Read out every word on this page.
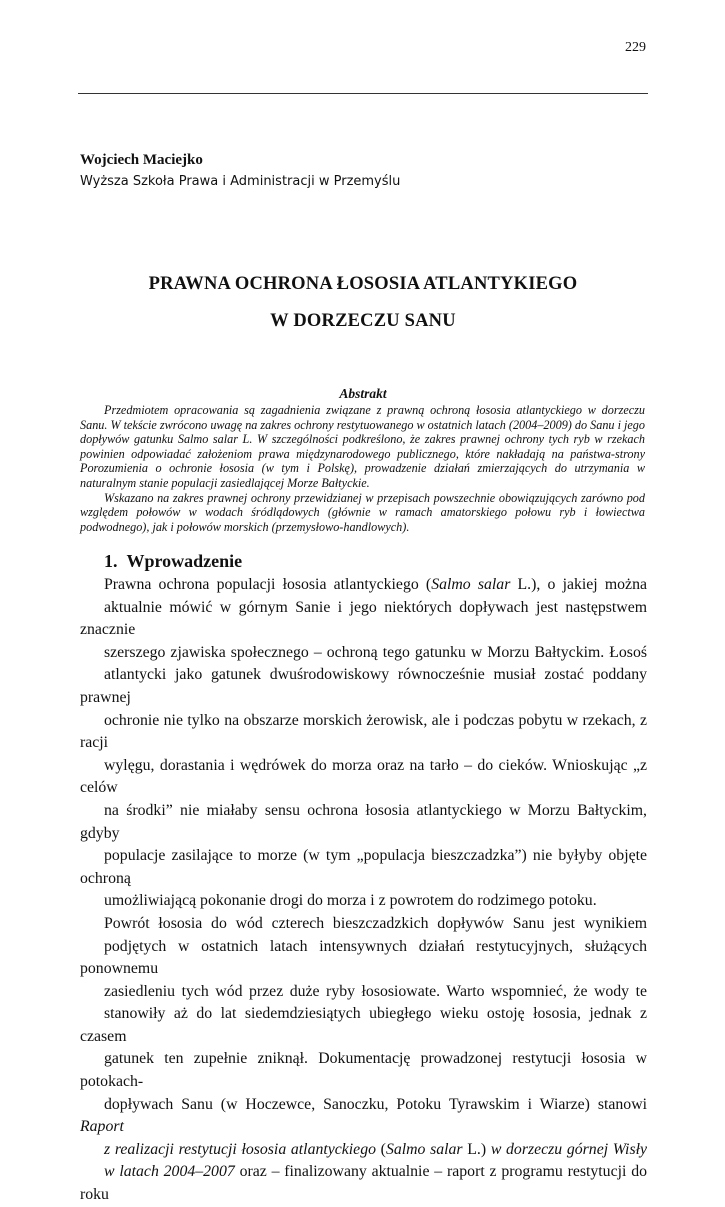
229
Wojciech Maciejko
Wyższa Szkoła Prawa i Administracji w Przemyślu
PRAWNA OCHRONA ŁOSOSIA ATLANTYKIEGO
W DORZECZU SANU
Abstrakt

Przedmiotem opracowania są zagadnienia związane z prawną ochroną łososia atlantyckiego w dorzeczu Sanu. W tekście zwrócono uwagę na zakres ochrony restytuowanego w ostatnich latach (2004–2009) do Sanu i jego dopływów gatunku Salmo salar L. W szczególności podkreślono, że zakres prawnej ochrony tych ryb w rzekach powinien odpowiadać założeniom prawa międzynarodowego publicznego, które nakładają na państwa-strony Porozumienia o ochronie łososia (w tym i Polskę), prowadzenie działań zmierzających do utrzymania w naturalnym stanie populacji zasiedlającej Morze Bałtyckie.

Wskazano na zakres prawnej ochrony przewidzianej w przepisach powszechnie obowiązujących zarówno pod względem połowów w wodach śródlądowych (głównie w ramach amatorskiego połowu ryb i łowiectwa podwodnego), jak i połowów morskich (przemysłowo-handlowych).

1. Wprowadzenie

Prawna ochrona populacji łososia atlantyckiego (Salmo salar L.), o jakiej można
aktualnie mówić w górnym Sanie i jego niektórych dopływach jest następstwem znacznie
szerszego zjawiska społecznego – ochroną tego gatunku w Morzu Bałtyckim. Łosoś
atlantycki jako gatunek dwuśrodowiskowy równocześnie musiał zostać poddany prawnej
ochronie nie tylko na obszarze morskich żerowisk, ale i podczas pobytu w rzekach, z racji
wylęgu, dorastania i wędrówek do morza oraz na tarło – do cieków. Wnioskując „z celów
na środki” nie miałaby sensu ochrona łososia atlantyckiego w Morzu Bałtyckim, gdyby
populacje zasilające to morze (w tym „populacja bieszczadzka”) nie byłyby objęte ochroną
umożliwiającą pokonanie drogi do morza i z powrotem do rodzimego potoku.

Powrót łososia do wód czterech bieszczadzkich dopływów Sanu jest wynikiem
podjętych w ostatnich latach intensywnych działań restytucyjnych, służących ponownemu
zasiedleniu tych wód przez duże ryby łososiowate. Warto wspomnieć, że wody te
stanowiły aż do lat siedemdziesiątych ubiegłego wieku ostoję łososia, jednak z czasem
gatunek ten zupełnie zniknął. Dokumentację prowadzonej restytucji łososia w potokach-
dopływach Sanu (w Hoczewce, Sanoczku, Potoku Tyrawskim i Wiarze) stanowi Raport
z realizacji restytucji łososia atlantyckiego (Salmo salar L.) w dorzeczu górnej Wisły
w latach 2004–2007 oraz – finalizowany aktualnie – raport z programu restytucji do roku
